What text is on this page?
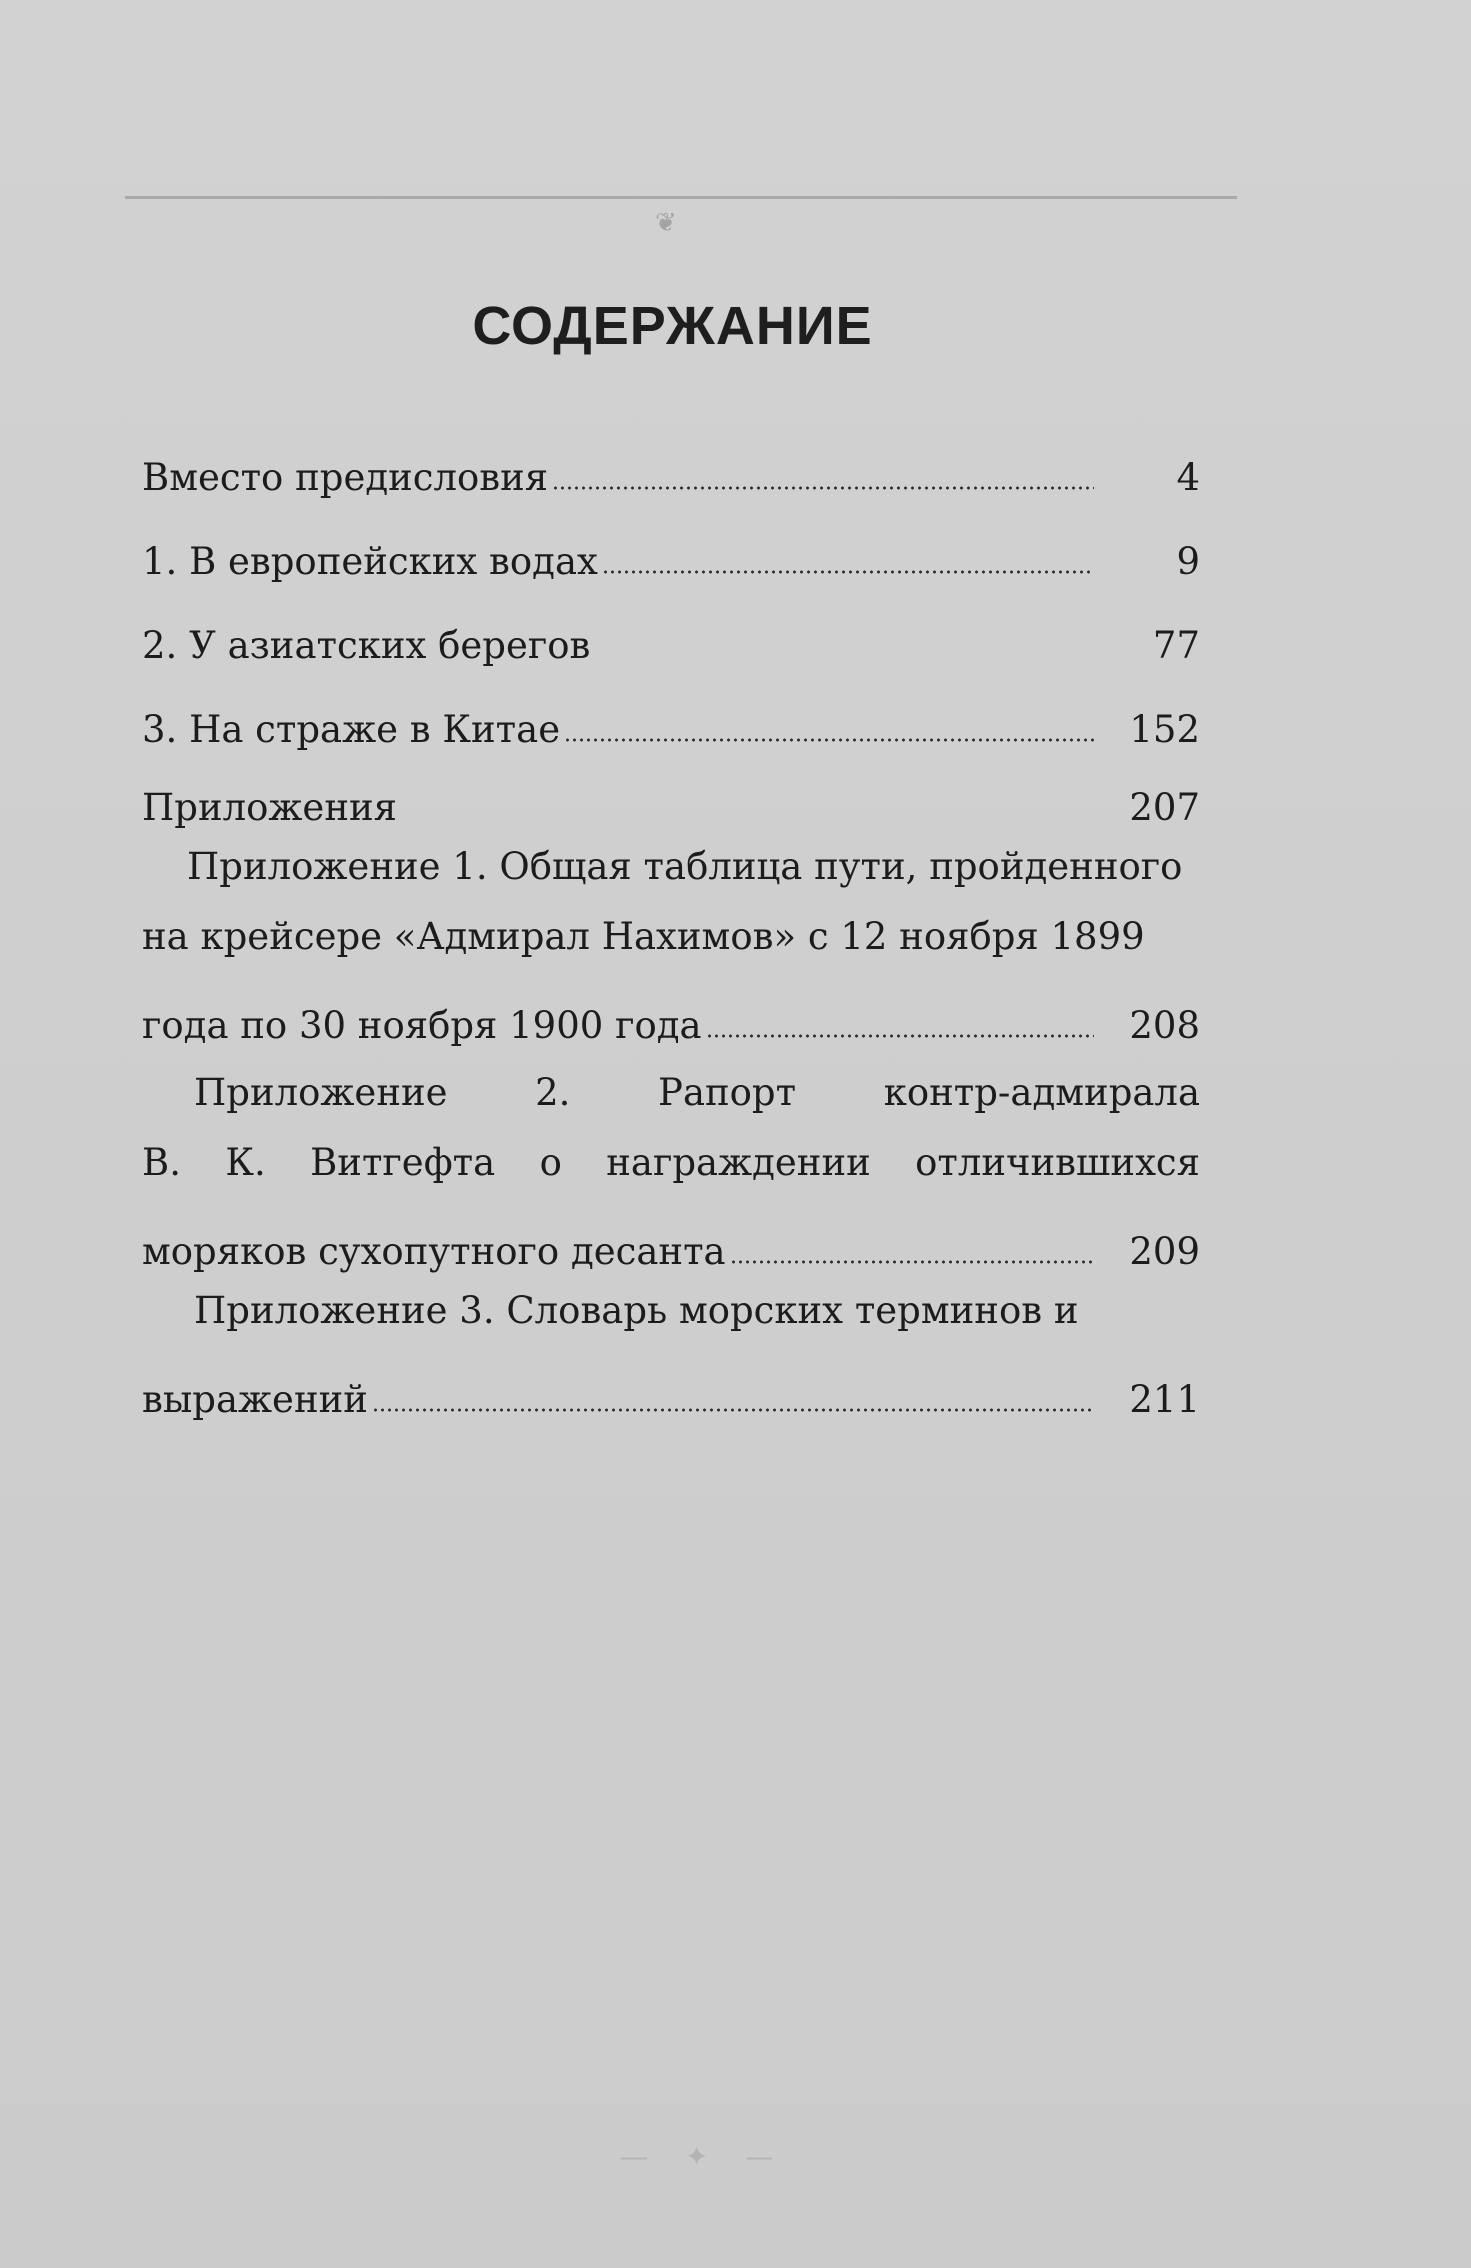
❦
СОДЕРЖАНИЕ
Вместо предисловия	4
1. В европейских водах	9
2. У азиатских берегов	77
3. На страже в Китае	152
Приложения	207
Приложение 1. Общая таблица пути, пройденного
на крейсере «Адмирал Нахимов» с 12 ноября 1899
года по 30 ноября 1900 года	208
Приложение 2. Рапорт контр-адмирала
В. К. Витгефта о награждении отличившихся
моряков сухопутного десанта	209
Приложение 3. Словарь морских терминов и
выражений	211
— ✦ —
